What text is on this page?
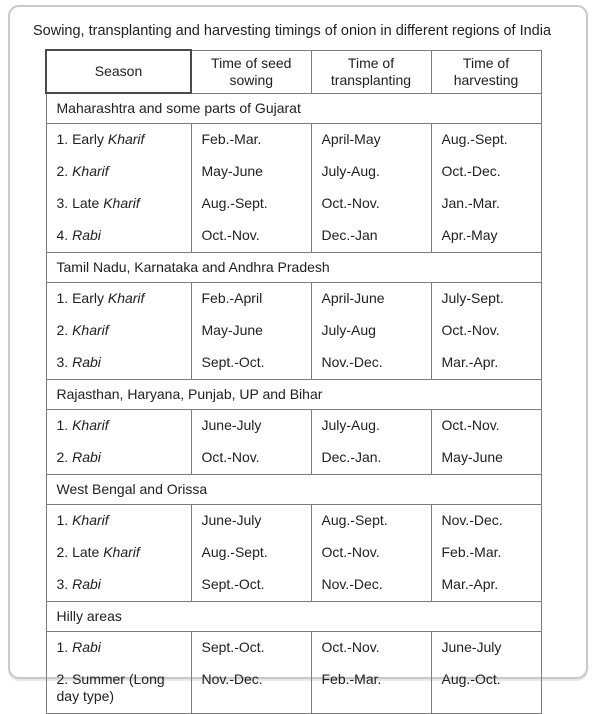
Sowing, transplanting and harvesting timings of onion in different regions of India
Season	Time of seed sowing	Time of transplanting	Time of harvesting
Maharashtra and some parts of Gujarat			
1. Early Kharif	Feb.-Mar.	April-May	Aug.-Sept.
2. Kharif	May-June	July-Aug.	Oct.-Dec.
3. Late Kharif	Aug.-Sept.	Oct.-Nov.	Jan.-Mar.
4. Rabi	Oct.-Nov.	Dec.-Jan	Apr.-May
Tamil Nadu, Karnataka and Andhra Pradesh			
1. Early Kharif	Feb.-April	April-June	July-Sept.
2. Kharif	May-June	July-Aug	Oct.-Nov.
3. Rabi	Sept.-Oct.	Nov.-Dec.	Mar.-Apr.
Rajasthan, Haryana, Punjab, UP and Bihar			
1. Kharif	June-July	July-Aug.	Oct.-Nov.
2. Rabi	Oct.-Nov.	Dec.-Jan.	May-June
West Bengal and Orissa			
1. Kharif	June-July	Aug.-Sept.	Nov.-Dec.
2. Late Kharif	Aug.-Sept.	Oct.-Nov.	Feb.-Mar.
3. Rabi	Sept.-Oct.	Nov.-Dec.	Mar.-Apr.
Hilly areas			
1. Rabi	Sept.-Oct.	Oct.-Nov.	June-July
2. Summer (Long day type)	Nov.-Dec.	Feb.-Mar.	Aug.-Oct.
